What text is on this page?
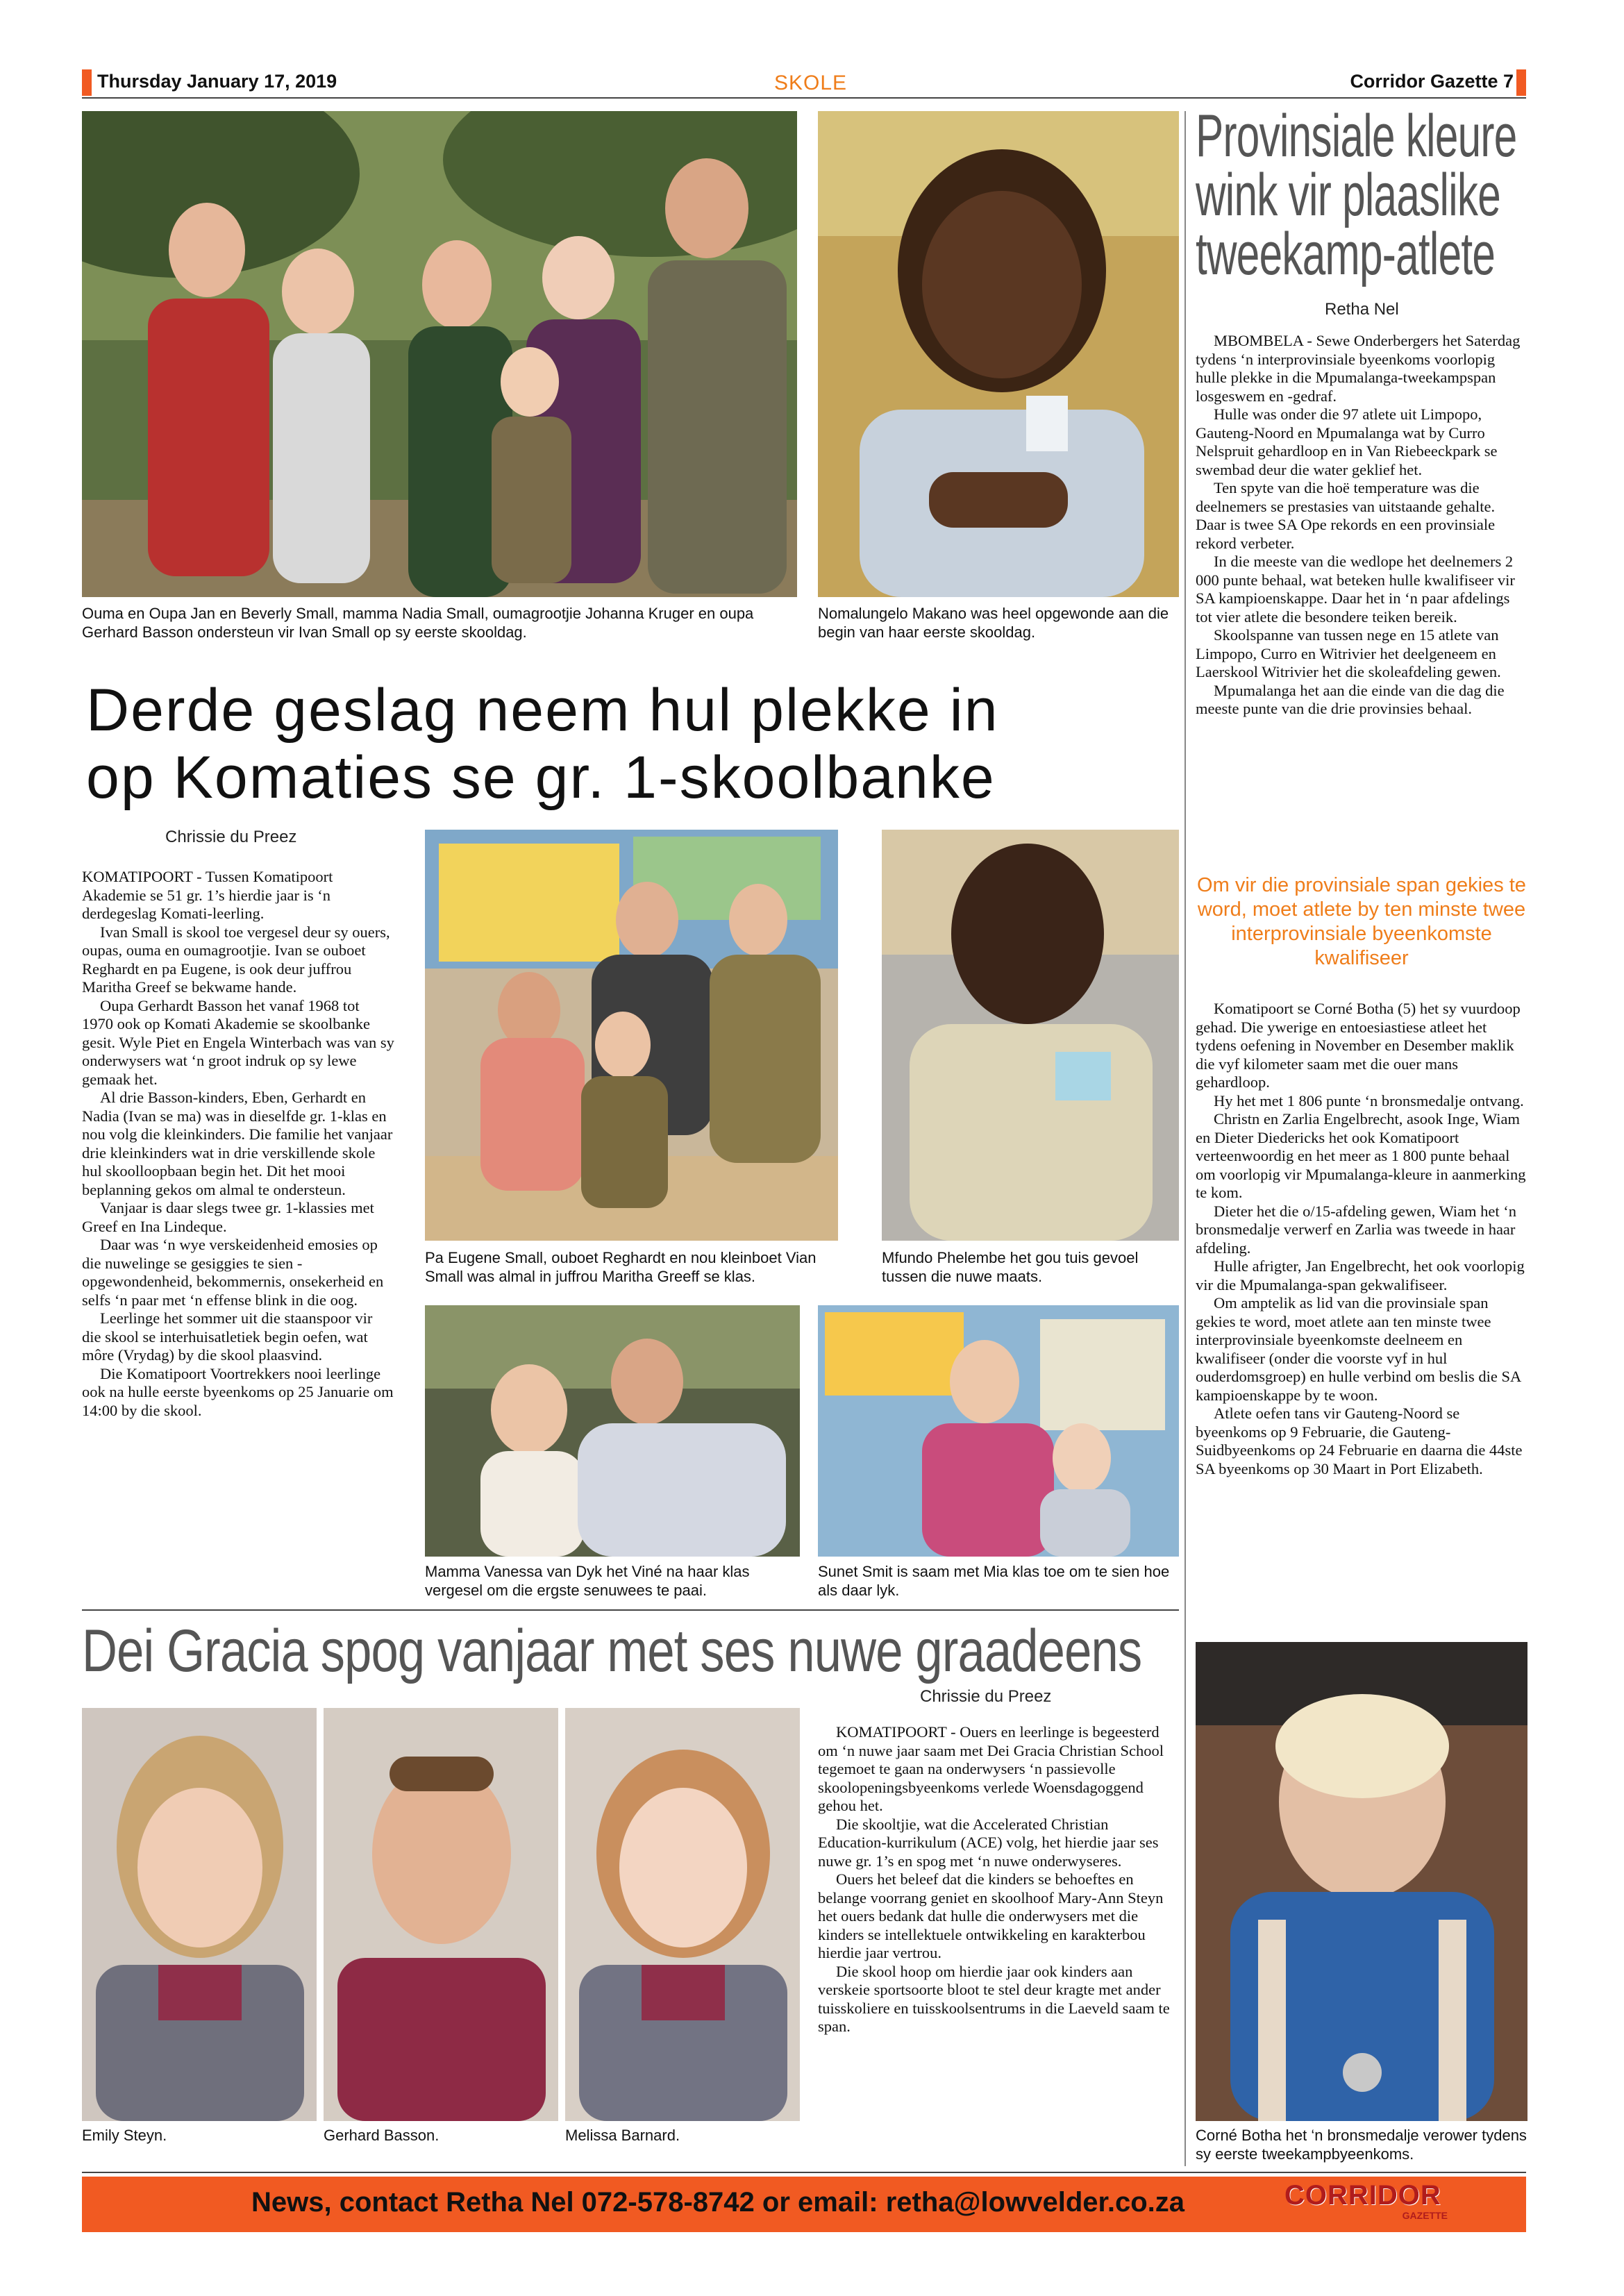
Thursday January 17, 2019	SKOLE	Corridor Gazette 7
Ouma en Oupa Jan en Beverly Small, mamma Nadia Small, oumagrootjie Johanna Kruger en oupa Gerhard Basson ondersteun vir Ivan Small op sy eerste skooldag.
Nomalungelo Makano was heel opgewonde aan die begin van haar eerste skooldag.
Derde geslag neem hul plekke in
op Komaties se gr. 1-skoolbanke
Chrissie du Preez

KOMATIPOORT - Tussen Komatipoort Akademie se 51 gr. 1’s hierdie jaar is ‘n derdegeslag Komati-leerling.

Ivan Small is skool toe vergesel deur sy ouers, oupas, ouma en oumagrootjie. Ivan se ouboet Reghardt en pa Eugene, is ook deur juffrou Maritha Greef se bekwame hande.

Oupa Gerhardt Basson het vanaf 1968 tot 1970 ook op Komati Akademie se skoolbanke gesit. Wyle Piet en Engela Winterbach was van sy onderwysers wat ‘n groot indruk op sy lewe gemaak het.

Al drie Basson-kinders, Eben, Gerhardt en Nadia (Ivan se ma) was in dieselfde gr. 1-klas en nou volg die kleinkinders. Die familie het vanjaar drie kleinkinders wat in drie verskillende skole hul skoolloopbaan begin het. Dit het mooi beplanning gekos om almal te ondersteun.

Vanjaar is daar slegs twee gr. 1-klassies met Greef en Ina Lindeque.

Daar was ‘n wye verskeidenheid emosies op die nuwelinge se gesiggies te sien - opgewondenheid, bekommernis, onsekerheid en selfs ‘n paar met ‘n effense blink in die oog.

Leerlinge het sommer uit die staanspoor vir die skool se interhuisatletiek begin oefen, wat môre (Vrydag) by die skool plaasvind.

Die Komatipoort Voortrekkers nooi leerlinge ook na hulle eerste byeenkoms op 25 Januarie om 14:00 by die skool.

Pa Eugene Small, ouboet Reghardt en nou kleinboet Vian Small was almal in juffrou Maritha Greeff se klas.
Mfundo Phelembe het gou tuis gevoel tussen die nuwe maats.
Mamma Vanessa van Dyk het Viné na haar klas vergesel om die ergste senuwees te paai.
Sunet Smit is saam met Mia klas toe om te sien hoe als daar lyk.
Dei Gracia spog vanjaar met ses nuwe graadeens
Chrissie du Preez
Emily Steyn.	Gerhard Basson.	Melissa Barnard.

KOMATIPOORT - Ouers en leerlinge is begeesterd om ‘n nuwe jaar saam met Dei Gracia Christian School tegemoet te gaan na onderwysers ‘n passievolle skoolopeningsbyeenkoms verlede Woensdagoggend gehou het.

Die skooltjie, wat die Accelerated Christian Education-kurrikulum (ACE) volg, het hierdie jaar ses nuwe gr. 1’s en spog met ‘n nuwe onderwyseres.

Ouers het beleef dat die kinders se behoeftes en belange voorrang geniet en skoolhoof Mary-Ann Steyn het ouers bedank dat hulle die onderwysers met die kinders se intellektuele ontwikkeling en karakterbou hierdie jaar vertrou.

Die skool hoop om hierdie jaar ook kinders aan verskeie sportsoorte bloot te stel deur kragte met ander tuisskoliere en tuisskoolsentrums in die Laeveld saam te span.

Provinsiale kleure
wink vir plaaslike
tweekamp-atlete
Retha Nel

MBOMBELA - Sewe Onderbergers het Saterdag tydens ‘n interprovinsiale byeenkoms voorlopig hulle plekke in die Mpumalanga-tweekampspan losgeswem en -gedraf.

Hulle was onder die 97 atlete uit Limpopo, Gauteng-Noord en Mpumalanga wat by Curro Nelspruit gehardloop en in Van Riebeeckpark se swembad deur die water geklief het.

Ten spyte van die hoë temperature was die deelnemers se prestasies van uitstaande gehalte. Daar is twee SA Ope rekords en een provinsiale rekord verbeter.

In die meeste van die wedlope het deelnemers 2 000 punte behaal, wat beteken hulle kwalifiseer vir SA kampioenskappe. Daar het in ‘n paar afdelings tot vier atlete die besondere teiken bereik.

Skoolspanne van tussen nege en 15 atlete van Limpopo, Curro en Witrivier het deelgeneem en Laerskool Witrivier het die skoleafdeling gewen.

Mpumalanga het aan die einde van die dag die meeste punte van die drie provinsies behaal.

Om vir die provinsiale span gekies te word, moet atlete by ten minste twee interprovinsiale byeenkomste kwalifiseer

Komatipoort se Corné Botha (5) het sy vuurdoop gehad. Die ywerige en entoesiastiese atleet het tydens oefening in November en Desember maklik die vyf kilometer saam met die ouer mans gehardloop.

Hy het met 1 806 punte ‘n bronsmedalje ontvang.

Christn en Zarlia Engelbrecht, asook Inge, Wiam en Dieter Diedericks het ook Komatipoort verteenwoordig en het meer as 1 800 punte behaal om voorlopig vir Mpumalanga-kleure in aanmerking te kom.

Dieter het die o/15-afdeling gewen, Wiam het ‘n bronsmedalje verwerf en Zarlia was tweede in haar afdeling.

Hulle afrigter, Jan Engelbrecht, het ook voorlopig vir die Mpumalanga-span gekwalifiseer.

Om amptelik as lid van die provinsiale span gekies te word, moet atlete aan ten minste twee interprovinsiale byeenkomste deelneem en kwalifiseer (onder die voorste vyf in hul ouderdomsgroep) en hulle verbind om beslis die SA kampioenskappe by te woon.

Atlete oefen tans vir Gauteng-Noord se byeenkoms op 9 Februarie, die Gauteng-Suidbyeenkoms op 24 Februarie en daarna die 44ste SA byeenkoms op 30 Maart in Port Elizabeth.

Corné Botha het ‘n bronsmedalje verower tydens sy eerste tweekampbyeenkoms.
News, contact Retha Nel 072-578-8742 or email: retha@lowvelder.co.za	CORRIDOR
GAZETTE
